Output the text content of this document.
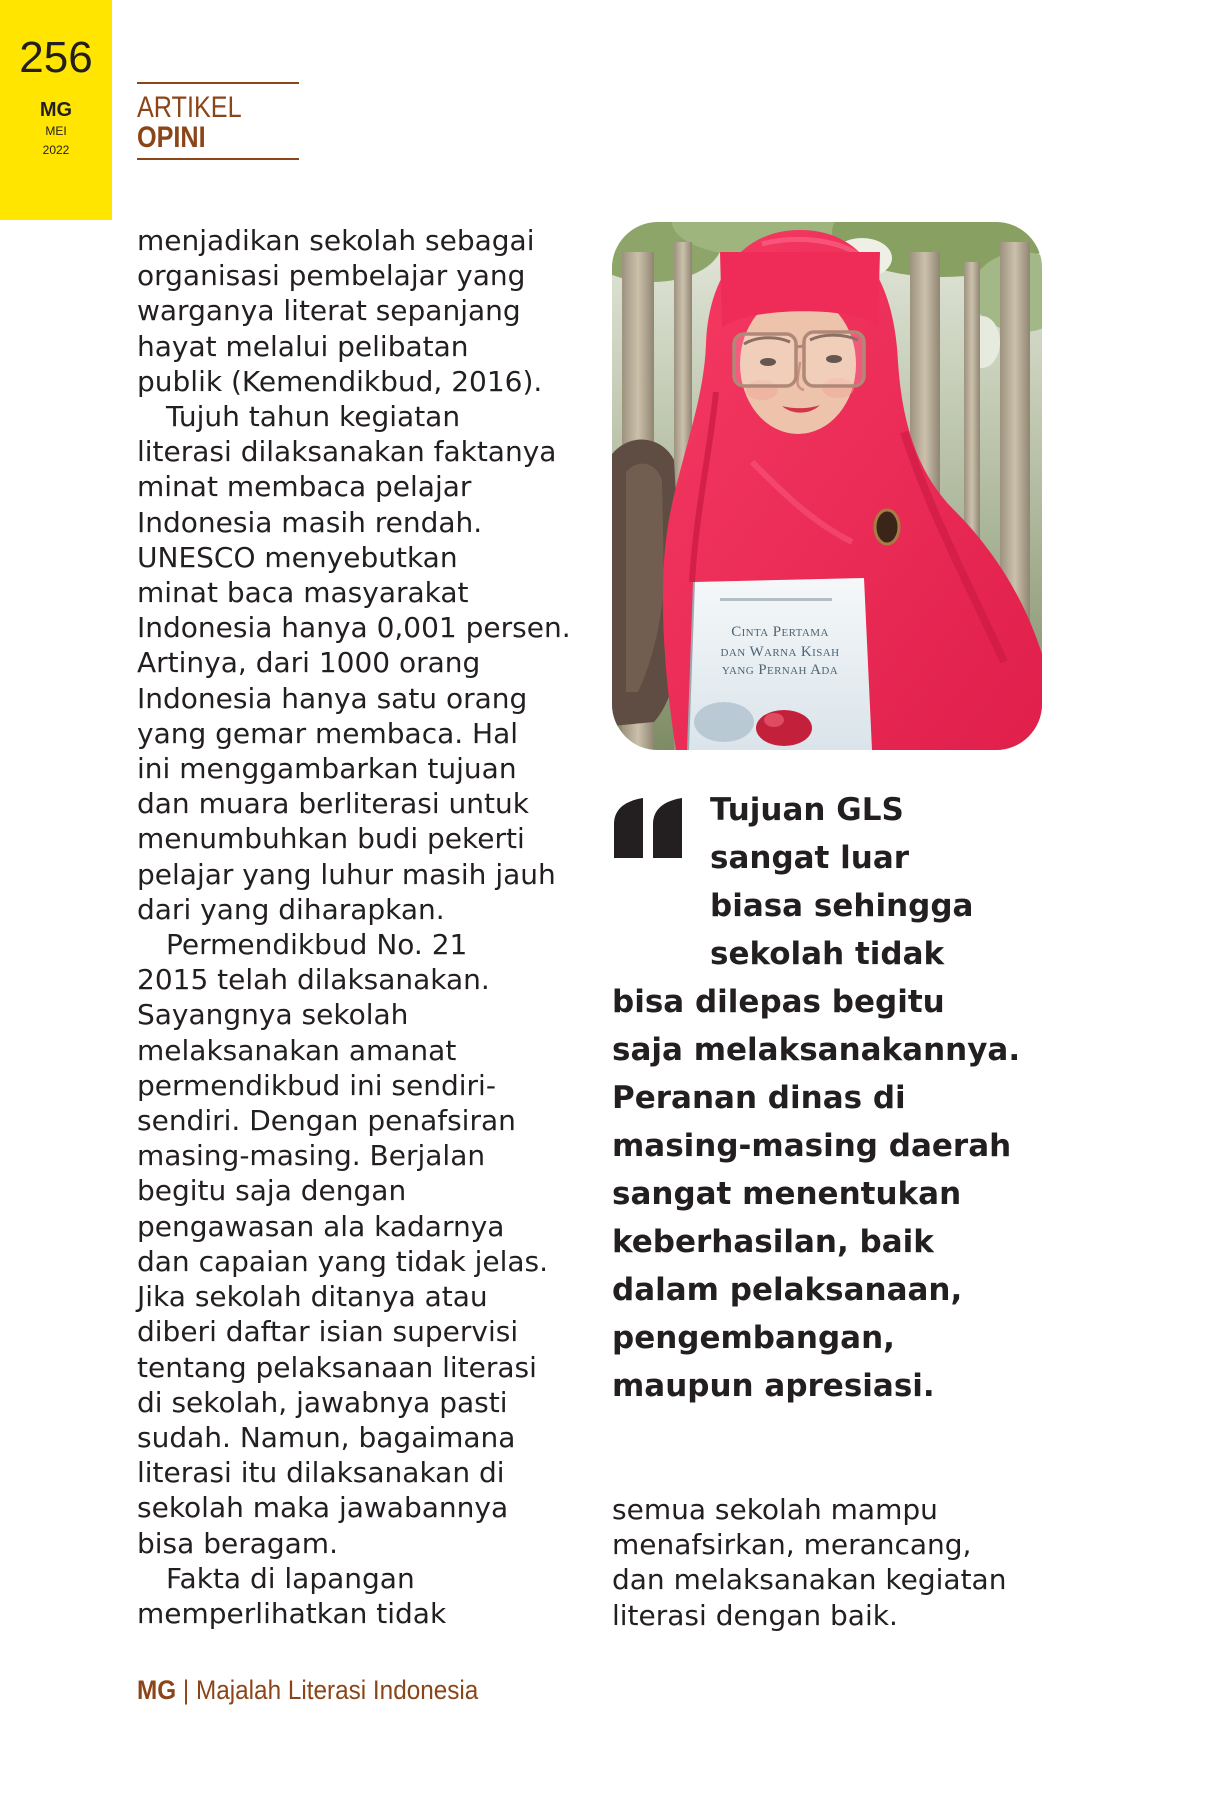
256
MG
MEI
2022
ARTIKEL
OPINI
menjadikan sekolah sebagai
organisasi pembelajar yang
warganya literat sepanjang
hayat melalui pelibatan
publik (Kemendikbud, 2016).
Tujuh tahun kegiatan
literasi dilaksanakan faktanya
minat membaca pelajar
Indonesia masih rendah.
UNESCO menyebutkan
minat baca masyarakat
Indonesia hanya 0,001 persen.
Artinya, dari 1000 orang
Indonesia hanya satu orang
yang gemar membaca. Hal
ini menggambarkan tujuan
dan muara berliterasi untuk
menumbuhkan budi pekerti
pelajar yang luhur masih jauh
dari yang diharapkan.
Permendikbud No. 21
2015 telah dilaksanakan.
Sayangnya sekolah
melaksanakan amanat
permendikbud ini sendiri-
sendiri. Dengan penafsiran
masing-masing. Berjalan
begitu saja dengan
pengawasan ala kadarnya
dan capaian yang tidak jelas.
Jika sekolah ditanya atau
diberi daftar isian supervisi
tentang pelaksanaan literasi
di sekolah, jawabnya pasti
sudah. Namun, bagaimana
literasi itu dilaksanakan di
sekolah maka jawabannya
bisa beragam.
Fakta di lapangan
memperlihatkan tidak
Cinta Pertama
dan Warna Kisah
yang Pernah Ada
Tujuan GLS
sangat luar
biasa sehingga
sekolah tidak
bisa dilepas begitu
saja melaksanakannya.
Peranan dinas di
masing-masing daerah
sangat menentukan
keberhasilan, baik
dalam pelaksanaan,
pengembangan,
maupun apresiasi.
semua sekolah mampu
menafsirkan, merancang,
dan melaksanakan kegiatan
literasi dengan baik.
MG | Majalah Literasi Indonesia
